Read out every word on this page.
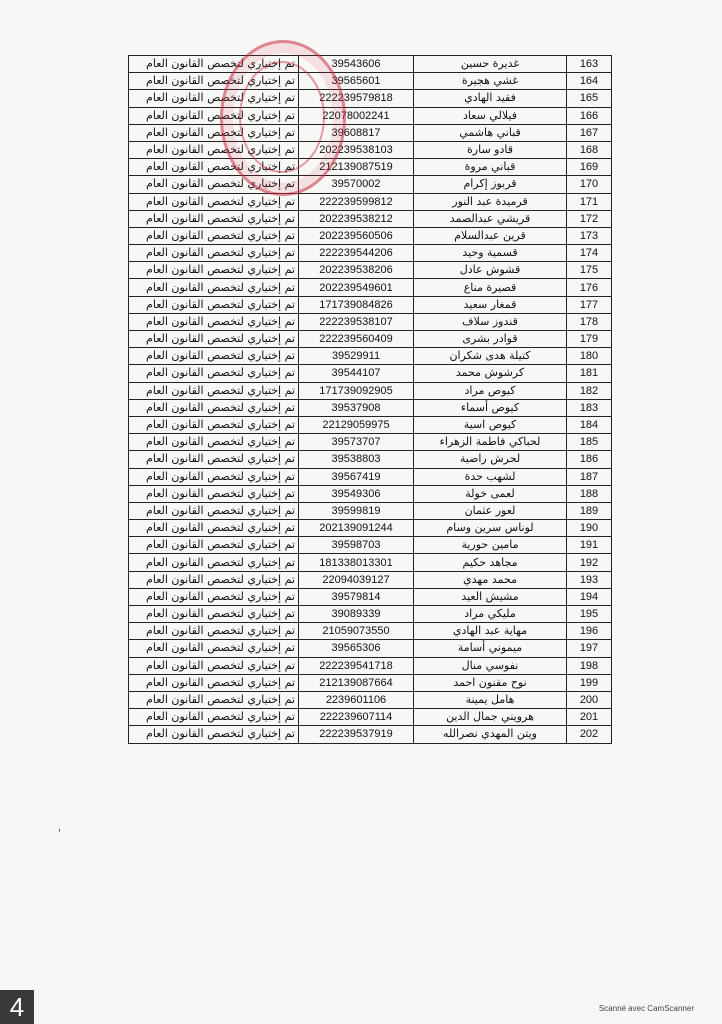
تم إختياري لتخصص القانون العام	39543606	غديرة حسين	163
تم إختياري لتخصص القانون العام	39565601	غشي هجيرة	164
تم إختياري لتخصص القانون العام	222239579818	فقيد الهادي	165
تم إختياري لتخصص القانون العام	22078002241	فيلالي سعاد	166
تم إختياري لتخصص القانون العام	39608817	قباني هاشمي	167
تم إختياري لتخصص القانون العام	202239538103	قادو سارة	168
تم إختياري لتخصص القانون العام	212139087519	قباني مروة	169
تم إختياري لتخصص القانون العام	39570002	قربوز إكرام	170
تم إختياري لتخصص القانون العام	222239599812	قرميدة عبد النور	171
تم إختياري لتخصص القانون العام	202239538212	قريشي عبدالصمد	172
تم إختياري لتخصص القانون العام	202239560506	قرين عبدالسلام	173
تم إختياري لتخصص القانون العام	222239544206	قسمية وحيد	174
تم إختياري لتخصص القانون العام	202239538206	قشوش عادل	175
تم إختياري لتخصص القانون العام	202239549601	قصيرة مناع	176
تم إختياري لتخصص القانون العام	171739084826	قمغار سعيد	177
تم إختياري لتخصص القانون العام	222239538107	قندوز سلاف	178
تم إختياري لتخصص القانون العام	222239560409	قوادر بشرى	179
تم إختياري لتخصص القانون العام	39529911	كتيلة هدى شكران	180
تم إختياري لتخصص القانون العام	39544107	كرشوش محمد	181
تم إختياري لتخصص القانون العام	171739092905	كيوص مراد	182
تم إختياري لتخصص القانون العام	39537908	كيوص أسماء	183
تم إختياري لتخصص القانون العام	22129059975	كيوص اسية	184
تم إختياري لتخصص القانون العام	39573707	لحباكي فاطمة الزهراء	185
تم إختياري لتخصص القانون العام	39538803	لحرش راضية	186
تم إختياري لتخصص القانون العام	39567419	لشهب حدة	187
تم إختياري لتخصص القانون العام	39549306	لعمى خولة	188
تم إختياري لتخصص القانون العام	39599819	لعور عثمان	189
تم إختياري لتخصص القانون العام	202139091244	لوناس سرين وسام	190
تم إختياري لتخصص القانون العام	39598703	مامين حورية	191
تم إختياري لتخصص القانون العام	181338013301	مجاهد حكيم	192
تم إختياري لتخصص القانون العام	22094039127	محمد مهدي	193
تم إختياري لتخصص القانون العام	39579814	مشيش العيد	194
تم إختياري لتخصص القانون العام	39089339	مليكي مراد	195
تم إختياري لتخصص القانون العام	21059073550	مهاية عبد الهادي	196
تم إختياري لتخصص القانون العام	39565306	ميموني أسامة	197
تم إختياري لتخصص القانون العام	222239541718	نفوسي منال	198
تم إختياري لتخصص القانون العام	212139087664	نوح مقنون احمد	199
تم إختياري لتخصص القانون العام	2239601106	هامل يمينة	200
تم إختياري لتخصص القانون العام	222239607114	هرويني جمال الدين	201
تم إختياري لتخصص القانون العام	222239537919	ويتن المهدي نصرالله	202
'
4	Scanné avec CamScanner
